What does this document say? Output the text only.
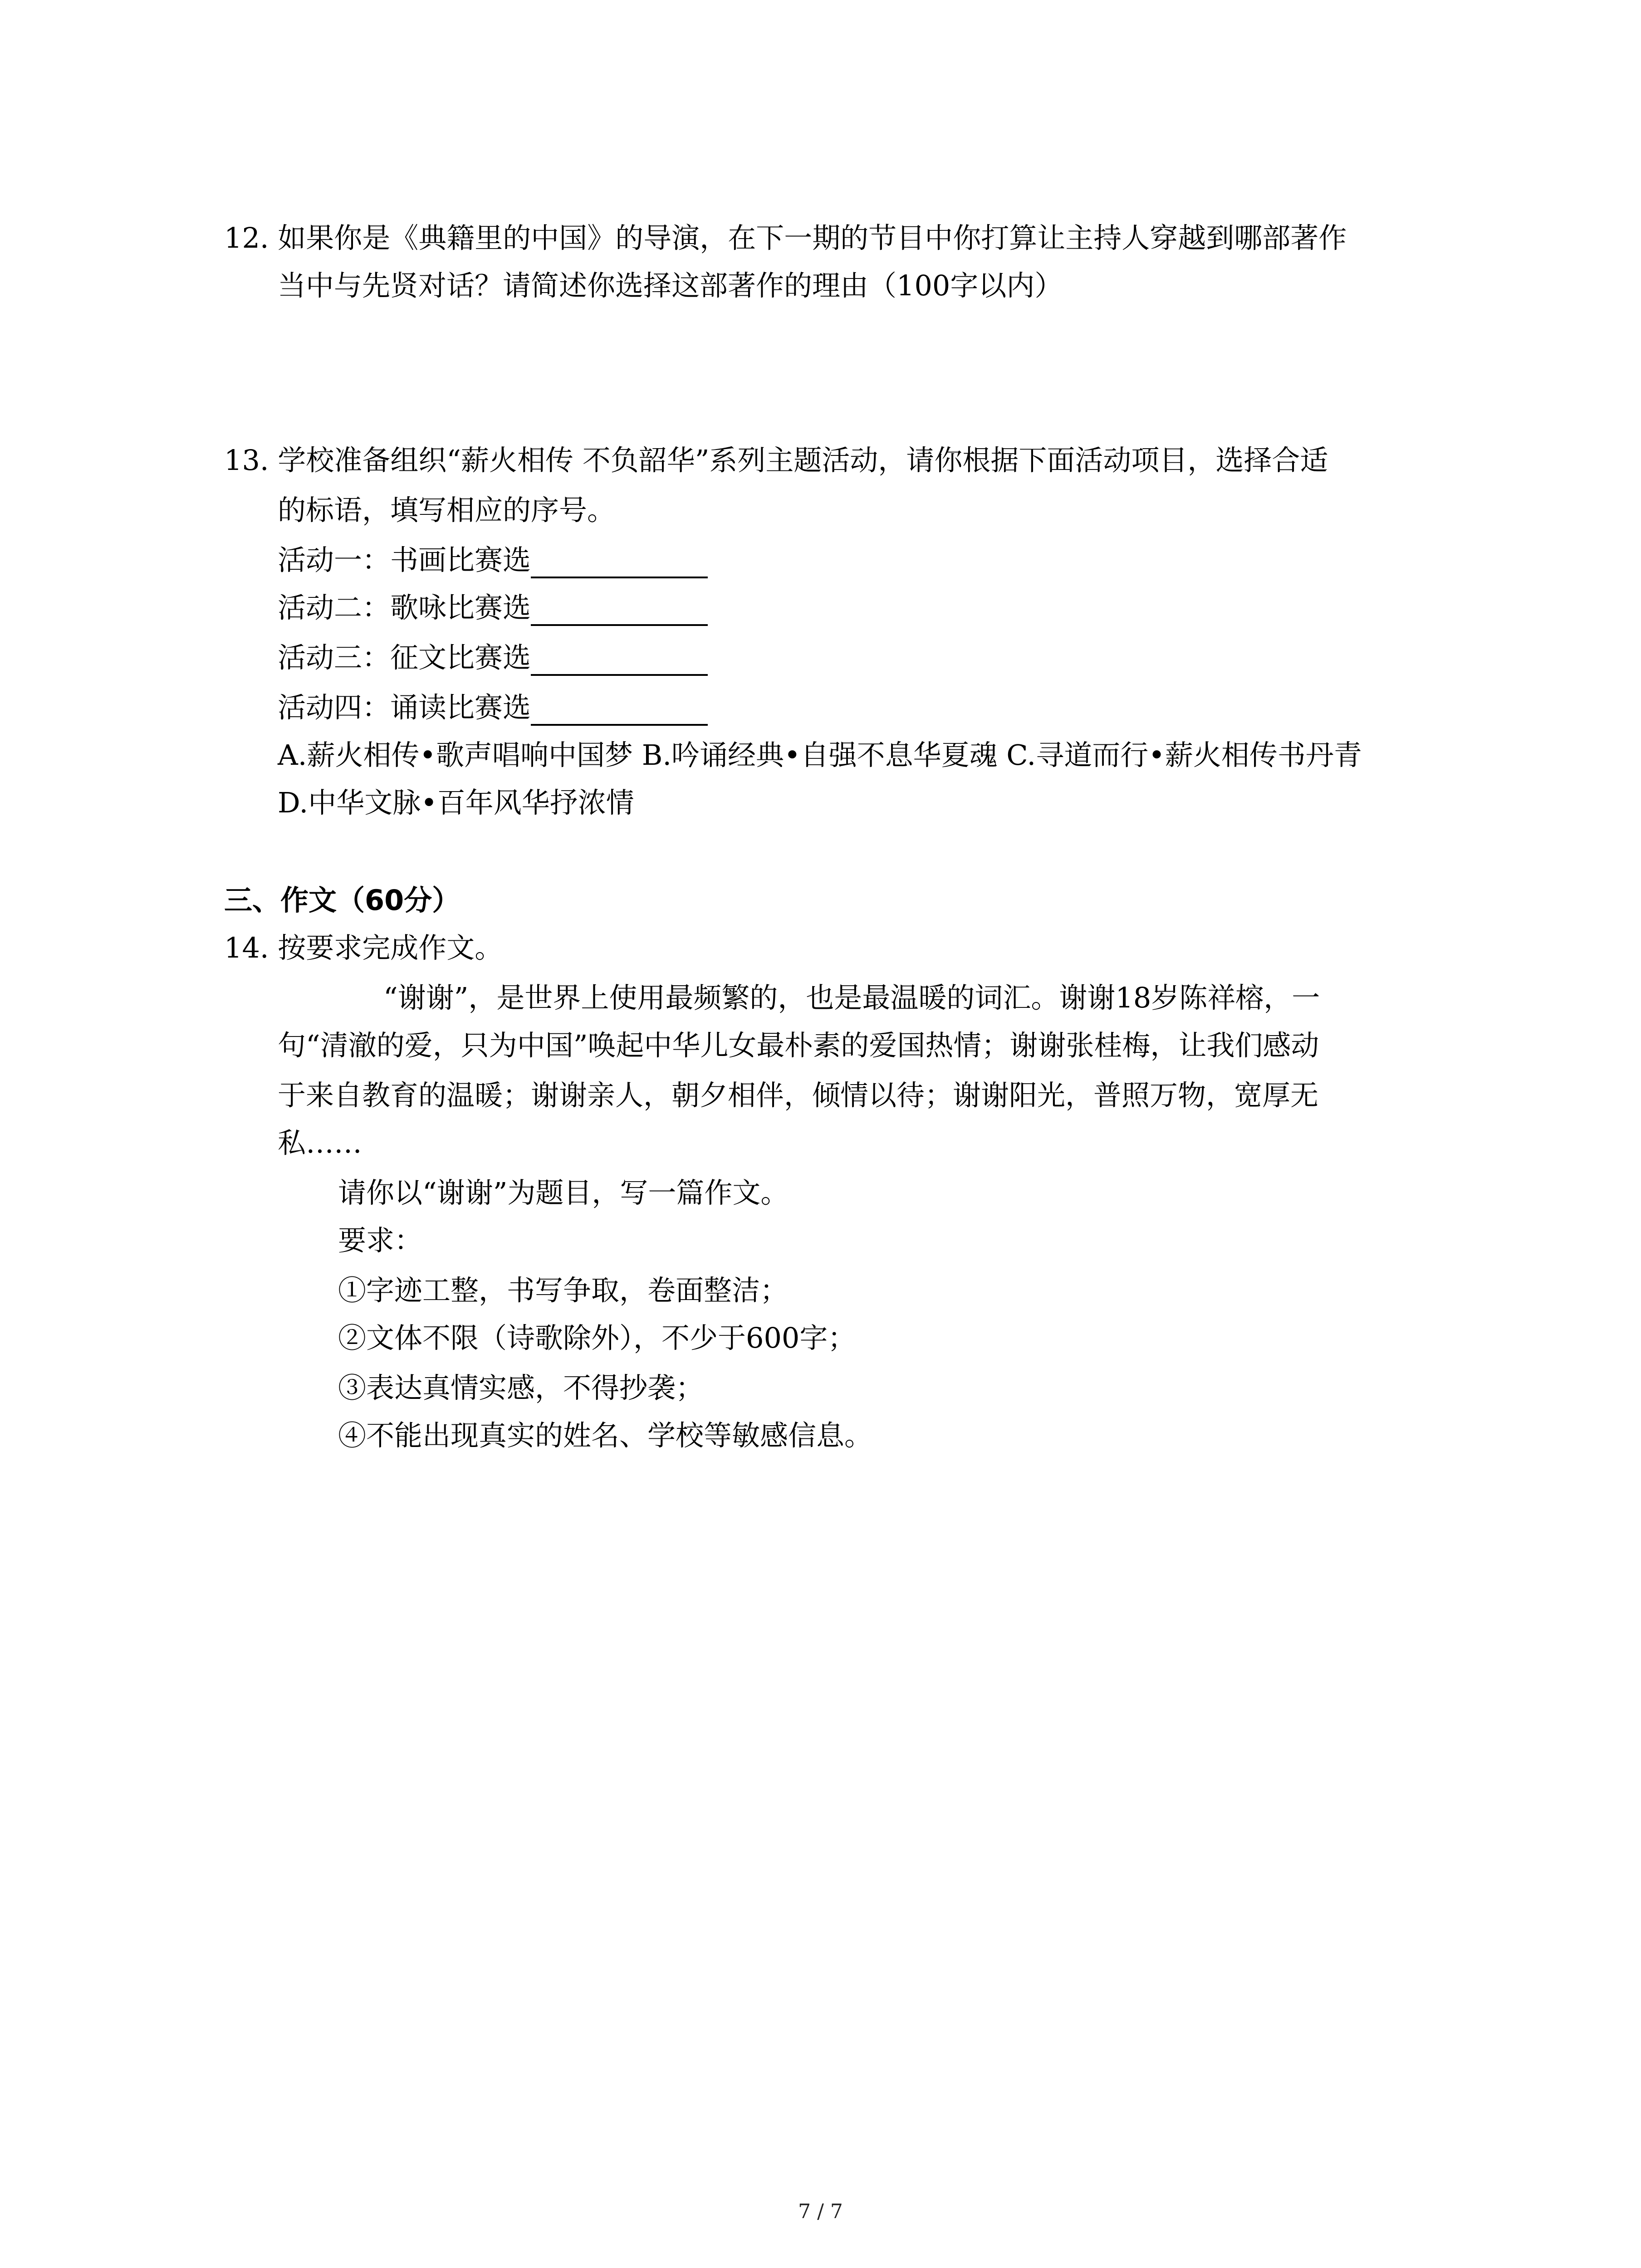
12. 如果你是《典籍里的中国》的导演，在下一期的节目中你打算让主持人穿越到哪部著作
当中与先贤对话？请简述你选择这部著作的理由（100字以内）
13. 学校准备组织“薪火相传 不负韶华”系列主题活动，请你根据下面活动项目，选择合适
的标语，填写相应的序号。
活动一：书画比赛选
活动二：歌咏比赛选
活动三：征文比赛选
活动四：诵读比赛选
A.薪火相传•歌声唱响中国梦 B.吟诵经典•自强不息华夏魂 C.寻道而行•薪火相传书丹青
D.中华文脉•百年风华抒浓情
三、作文（60分）
14. 按要求完成作文。
“谢谢”，是世界上使用最频繁的，也是最温暖的词汇。谢谢18岁陈祥榕，一
句“清澈的爱，只为中国”唤起中华儿女最朴素的爱国热情；谢谢张桂梅，让我们感动
于来自教育的温暖；谢谢亲人，朝夕相伴，倾情以待；谢谢阳光，普照万物，宽厚无
私……
请你以“谢谢”为题目，写一篇作文。
要求：
①字迹工整，书写争取，卷面整洁；
②文体不限（诗歌除外），不少于600字；
③表达真情实感，不得抄袭；
④不能出现真实的姓名、学校等敏感信息。
7 / 7
